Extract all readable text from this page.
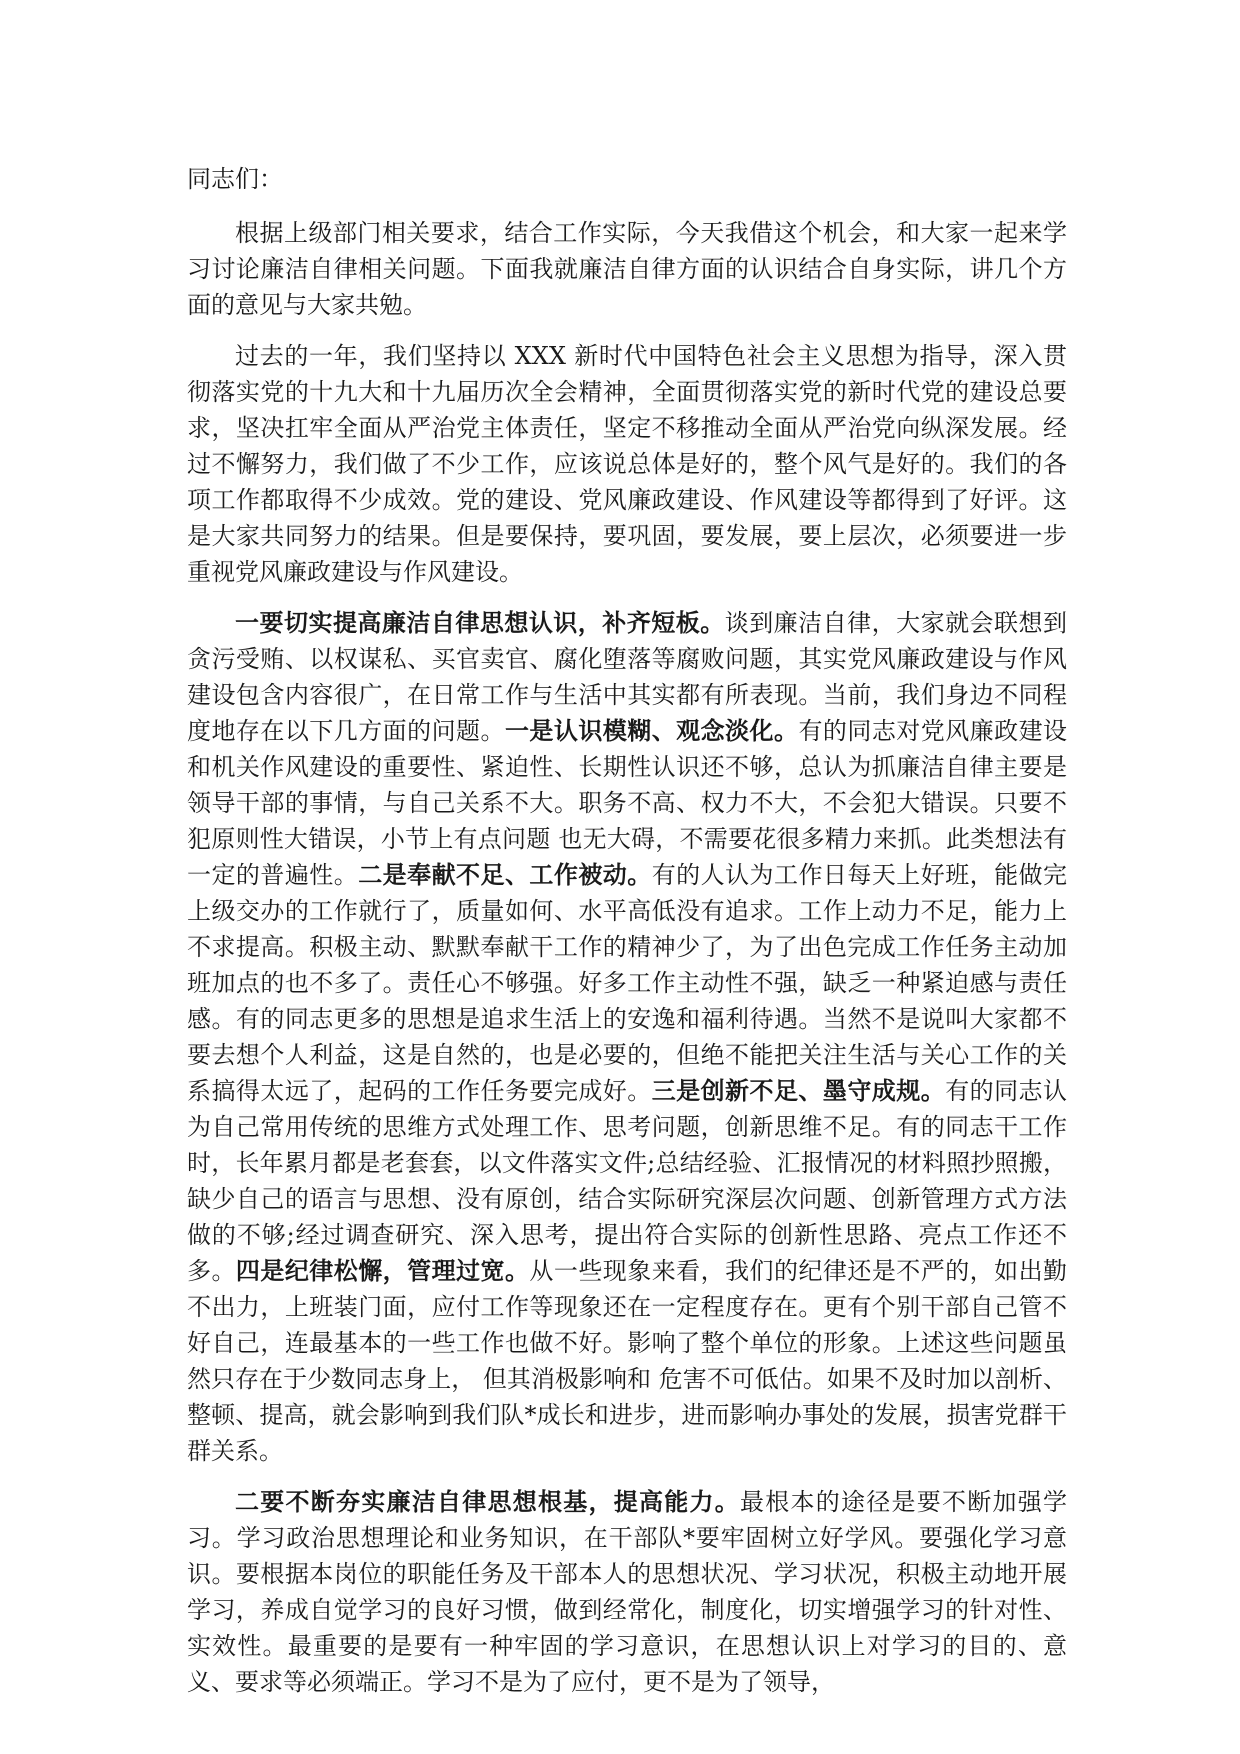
同志们：

根据上级部门相关要求，结合工作实际，今天我借这个机会，和大家一起来学习讨论廉洁自律相关问题。下面我就廉洁自律方面的认识结合自身实际，讲几个方面的意见与大家共勉。

过去的一年，我们坚持以 XXX 新时代中国特色社会主义思想为指导，深入贯彻落实党的十九大和十九届历次全会精神，全面贯彻落实党的新时代党的建设总要求，坚决扛牢全面从严治党主体责任，坚定不移推动全面从严治党向纵深发展。经过不懈努力，我们做了不少工作，应该说总体是好的，整个风气是好的。我们的各项工作都取得不少成效。党的建设、党风廉政建设、作风建设等都得到了好评。这是大家共同努力的结果。但是要保持，要巩固，要发展，要上层次，必须要进一步重视党风廉政建设与作风建设。

一要切实提高廉洁自律思想认识，补齐短板。谈到廉洁自律，大家就会联想到贪污受贿、以权谋私、买官卖官、腐化堕落等腐败问题，其实党风廉政建设与作风建设包含内容很广，在日常工作与生活中其实都有所表现。当前，我们身边不同程度地存在以下几方面的问题。一是认识模糊、观念淡化。有的同志对党风廉政建设和机关作风建设的重要性、紧迫性、长期性认识还不够，总认为抓廉洁自律主要是领导干部的事情，与自己关系不大。职务不高、权力不大，不会犯大错误。只要不犯原则性大错误，小节上有点问题 也无大碍，不需要花很多精力来抓。此类想法有一定的普遍性。二是奉献不足、工作被动。有的人认为工作日每天上好班，能做完上级交办的工作就行了，质量如何、水平高低没有追求。工作上动力不足，能力上不求提高。积极主动、默默奉献干工作的精神少了，为了出色完成工作任务主动加班加点的也不多了。责任心不够强。好多工作主动性不强，缺乏一种紧迫感与责任感。有的同志更多的思想是追求生活上的安逸和福利待遇。当然不是说叫大家都不要去想个人利益，这是自然的，也是必要的，但绝不能把关注生活与关心工作的关系搞得太远了，起码的工作任务要完成好。三是创新不足、墨守成规。有的同志认为自己常用传统的思维方式处理工作、思考问题，创新思维不足。有的同志干工作时，长年累月都是老套套，以文件落实文件;总结经验、汇报情况的材料照抄照搬，缺少自己的语言与思想、没有原创，结合实际研究深层次问题、创新管理方式方法做的不够;经过调查研究、深入思考，提出符合实际的创新性思路、亮点工作还不多。四是纪律松懈，管理过宽。从一些现象来看，我们的纪律还是不严的，如出勤不出力，上班装门面，应付工作等现象还在一定程度存在。更有个别干部自己管不好自己，连最基本的一些工作也做不好。影响了整个单位的形象。上述这些问题虽然只存在于少数同志身上， 但其消极影响和 危害不可低估。如果不及时加以剖析、整顿、提高，就会影响到我们队*成长和进步，进而影响办事处的发展，损害党群干群关系。

二要不断夯实廉洁自律思想根基，提高能力。最根本的途径是要不断加强学习。学习政治思想理论和业务知识，在干部队*要牢固树立好学风。要强化学习意识。要根据本岗位的职能任务及干部本人的思想状况、学习状况，积极主动地开展学习，养成自觉学习的良好习惯，做到经常化，制度化，切实增强学习的针对性、实效性。最重要的是要有一种牢固的学习意识，在思想认识上对学习的目的、意义、要求等必须端正。学习不是为了应付，更不是为了领导，
